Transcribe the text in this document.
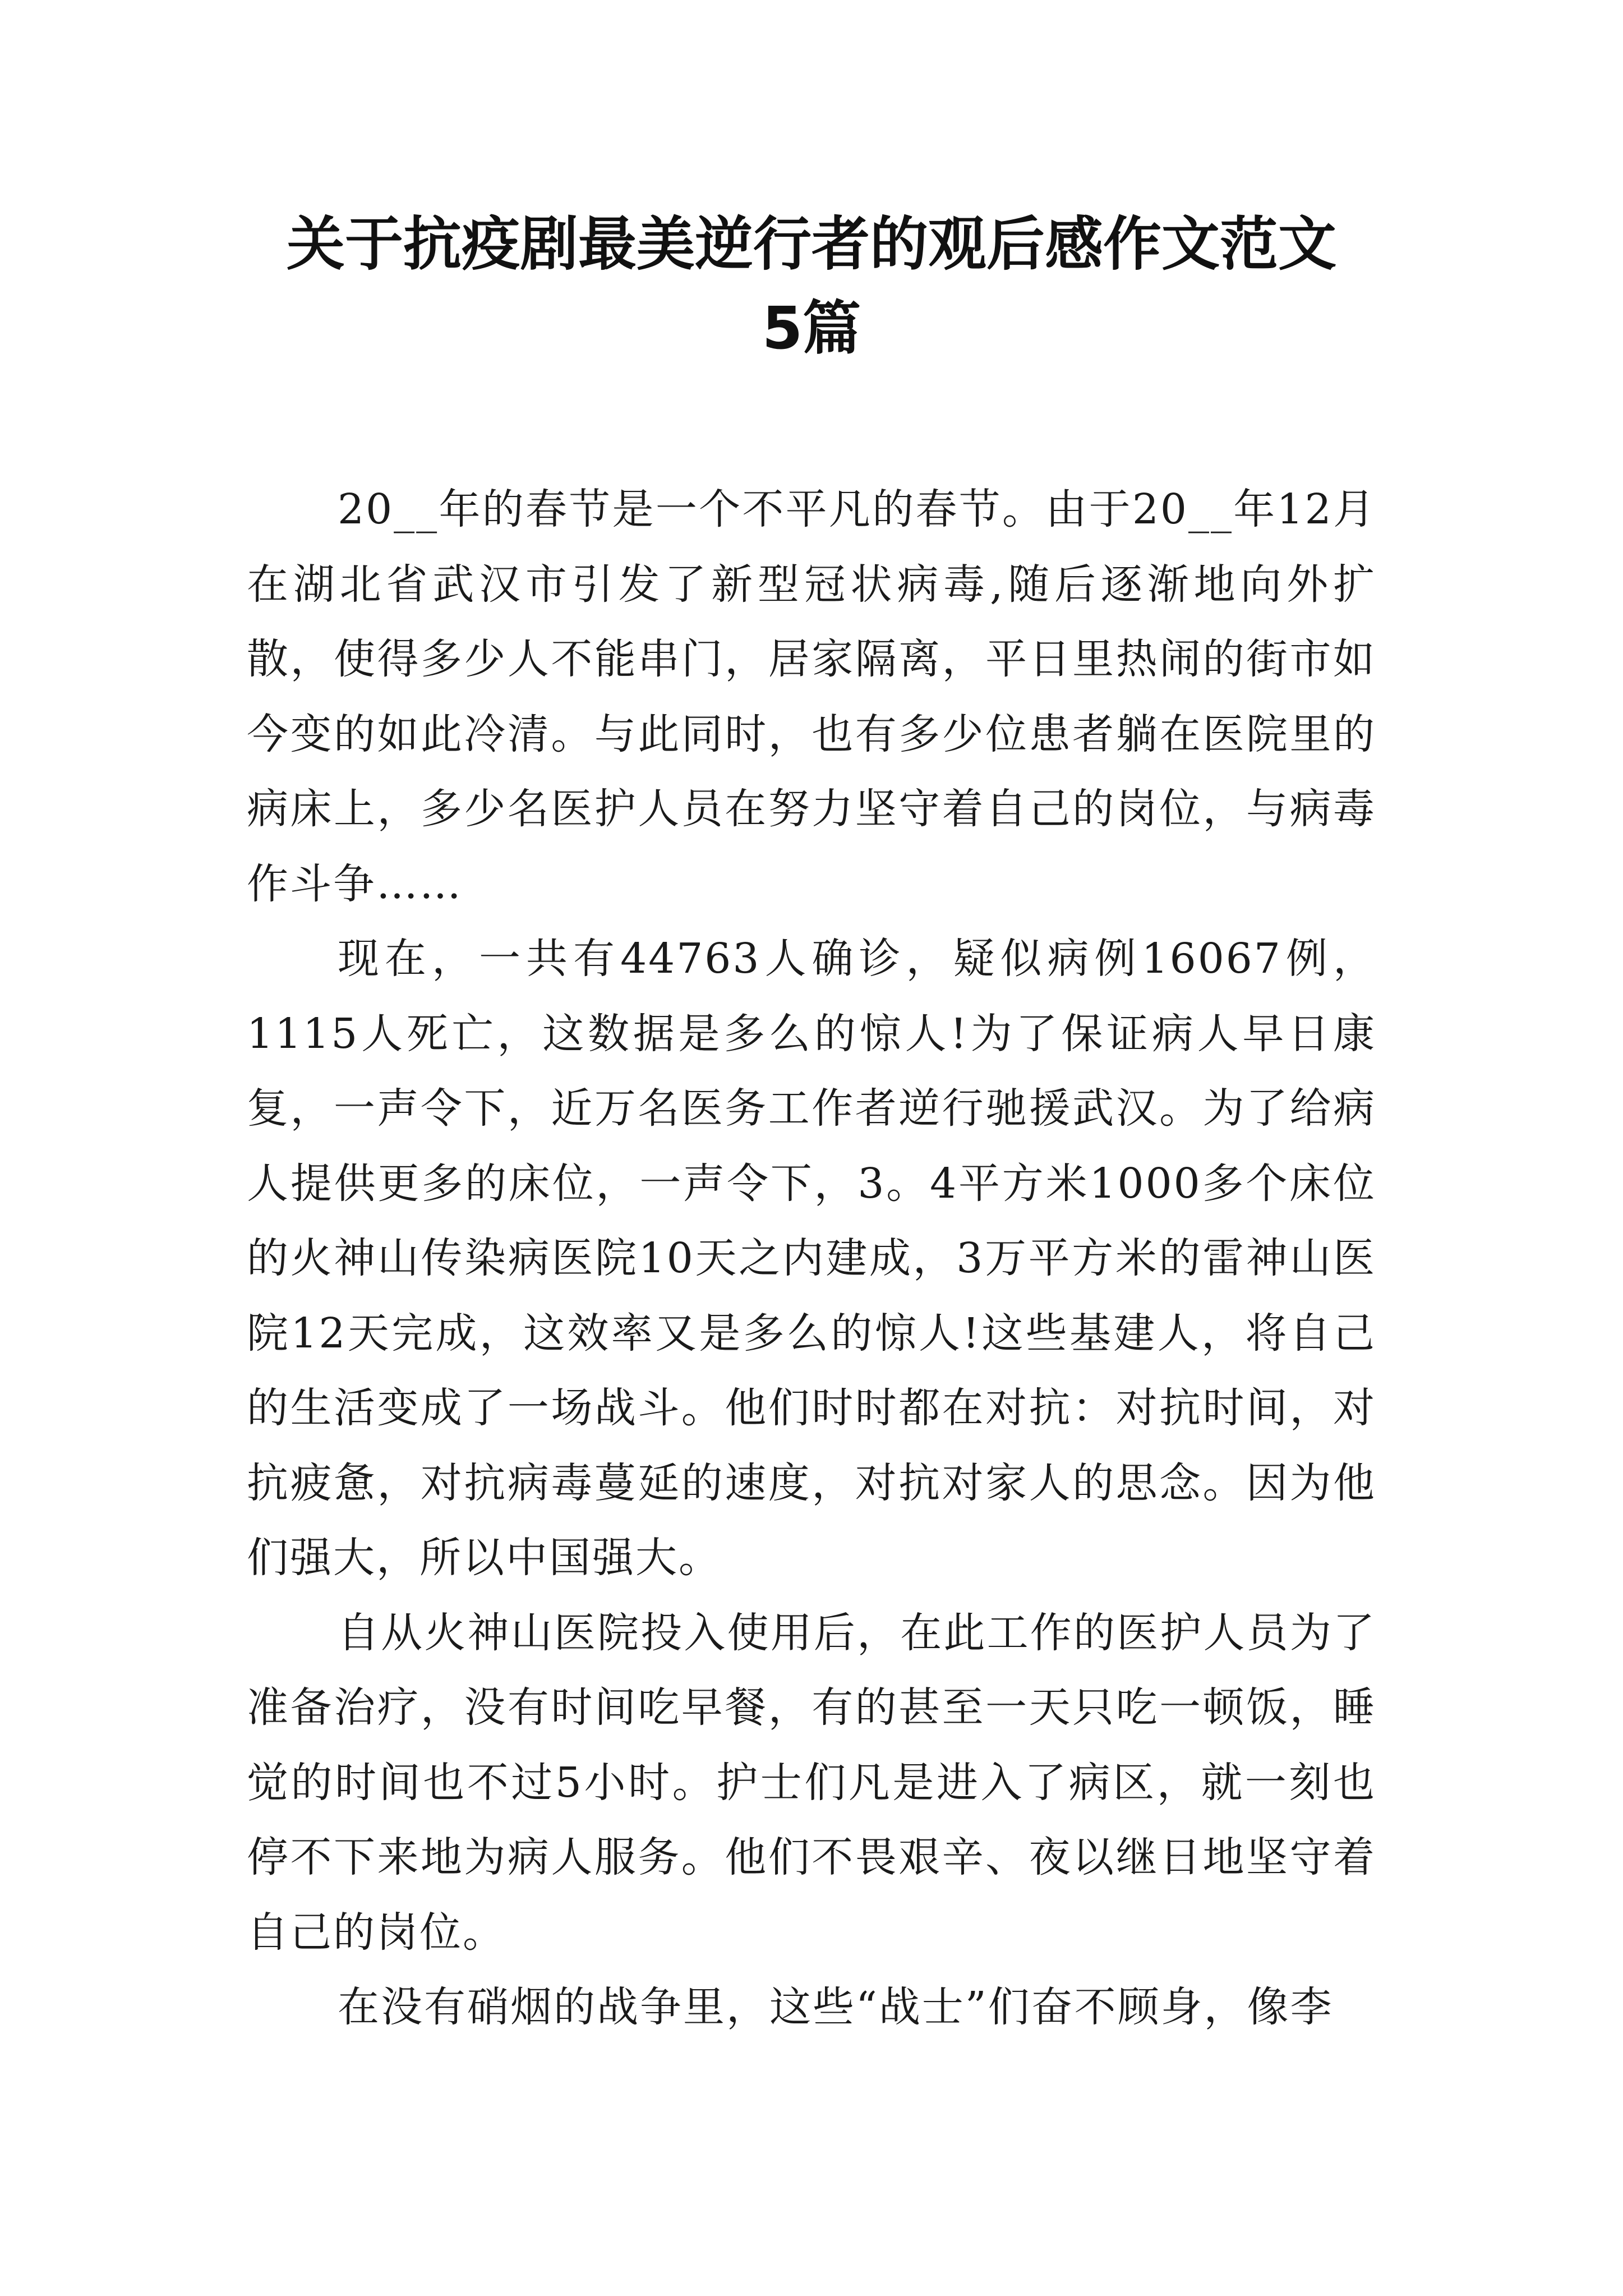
关于抗疫剧最美逆行者的观后感作文范文
5篇

20__年的春节是一个不平凡的春节。由于20__年12月在湖北省武汉市引发了新型冠状病毒,随后逐渐地向外扩散，使得多少人不能串门，居家隔离，平日里热闹的街市如今变的如此冷清。与此同时，也有多少位患者躺在医院里的病床上，多少名医护人员在努力坚守着自己的岗位，与病毒作斗争……

现在，一共有44763人确诊，疑似病例16067例，1115人死亡，这数据是多么的惊人!为了保证病人早日康复，一声令下，近万名医务工作者逆行驰援武汉。为了给病人提供更多的床位，一声令下，3。4平方米1000多个床位的火神山传染病医院10天之内建成，3万平方米的雷神山医院12天完成，这效率又是多么的惊人!这些基建人，将自己的生活变成了一场战斗。他们时时都在对抗：对抗时间，对抗疲惫，对抗病毒蔓延的速度，对抗对家人的思念。因为他们强大，所以中国强大。

自从火神山医院投入使用后，在此工作的医护人员为了准备治疗，没有时间吃早餐，有的甚至一天只吃一顿饭，睡觉的时间也不过5小时。护士们凡是进入了病区，就一刻也停不下来地为病人服务。他们不畏艰辛、夜以继日地坚守着自己的岗位。

在没有硝烟的战争里，这些“战士”们奋不顾身，像李
